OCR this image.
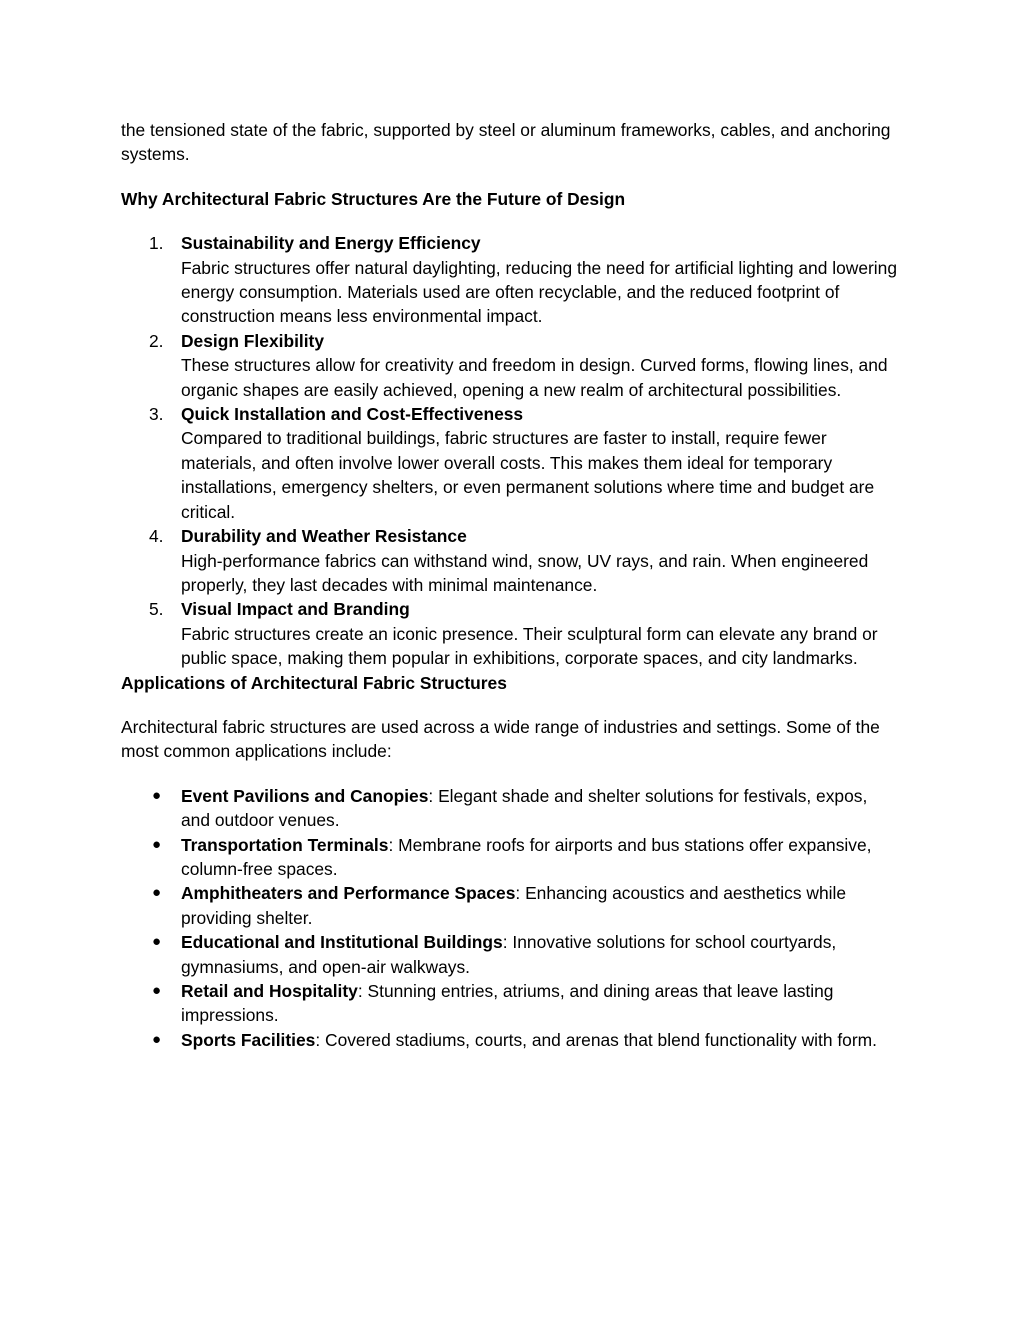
the tensioned state of the fabric, supported by steel or aluminum frameworks, cables, and anchoring systems.

Why Architectural Fabric Structures Are the Future of Design

1.	Sustainability and Energy Efficiency
Fabric structures offer natural daylighting, reducing the need for artificial lighting and lowering energy consumption. Materials used are often recyclable, and the reduced footprint of construction means less environmental impact.
2.	Design Flexibility
These structures allow for creativity and freedom in design. Curved forms, flowing lines, and organic shapes are easily achieved, opening a new realm of architectural possibilities.
3.	Quick Installation and Cost-Effectiveness
Compared to traditional buildings, fabric structures are faster to install, require fewer materials, and often involve lower overall costs. This makes them ideal for temporary installations, emergency shelters, or even permanent solutions where time and budget are critical.
4.	Durability and Weather Resistance
High-performance fabrics can withstand wind, snow, UV rays, and rain. When engineered properly, they last decades with minimal maintenance.
5.	Visual Impact and Branding
Fabric structures create an iconic presence. Their sculptural form can elevate any brand or public space, making them popular in exhibitions, corporate spaces, and city landmarks.

Applications of Architectural Fabric Structures

Architectural fabric structures are used across a wide range of industries and settings. Some of the most common applications include:

● Event Pavilions and Canopies: Elegant shade and shelter solutions for festivals, expos, and outdoor venues.
● Transportation Terminals: Membrane roofs for airports and bus stations offer expansive, column-free spaces.
● Amphitheaters and Performance Spaces: Enhancing acoustics and aesthetics while providing shelter.
● Educational and Institutional Buildings: Innovative solutions for school courtyards, gymnasiums, and open-air walkways.
● Retail and Hospitality: Stunning entries, atriums, and dining areas that leave lasting impressions.
● Sports Facilities: Covered stadiums, courts, and arenas that blend functionality with form.
